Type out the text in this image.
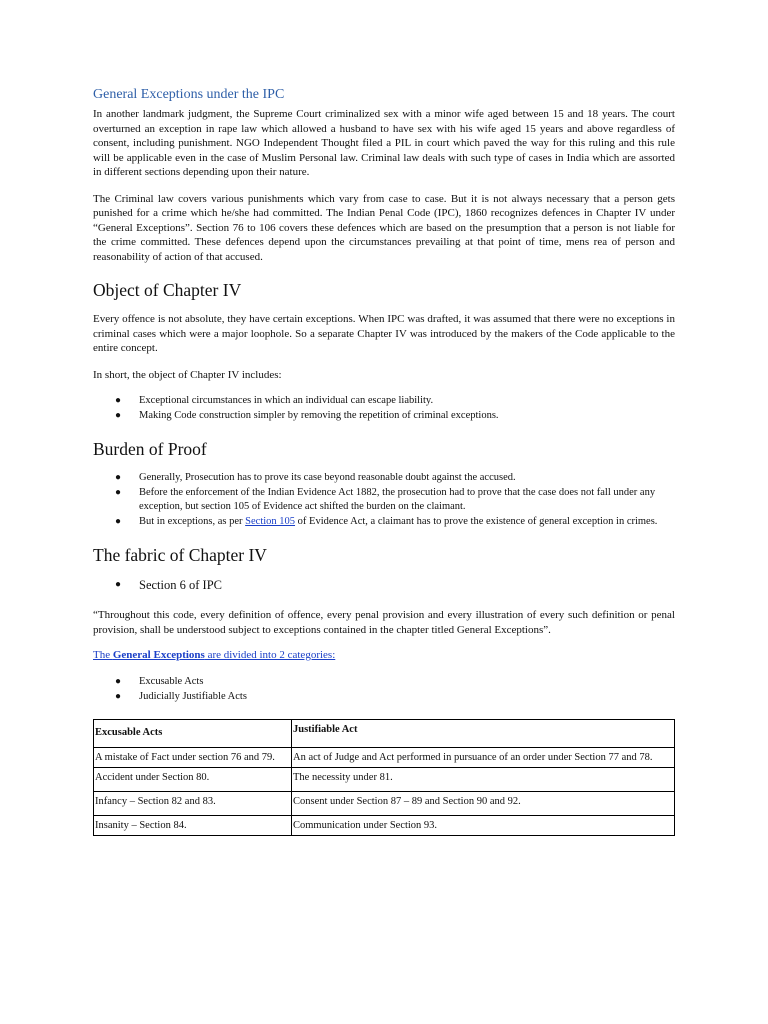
General Exceptions under the IPC

In another landmark judgment, the Supreme Court criminalized sex with a minor wife aged between 15 and 18 years. The court overturned an exception in rape law which allowed a husband to have sex with his wife aged 15 years and above regardless of consent, including punishment. NGO Independent Thought filed a PIL in court which paved the way for this ruling and this rule will be applicable even in the case of Muslim Personal law. Criminal law deals with such type of cases in India which are assorted in different sections depending upon their nature.

The Criminal law covers various punishments which vary from case to case. But it is not always necessary that a person gets punished for a crime which he/she had committed. The Indian Penal Code (IPC), 1860 recognizes defences in Chapter IV under “General Exceptions”. Section 76 to 106 covers these defences which are based on the presumption that a person is not liable for the crime committed. These defences depend upon the circumstances prevailing at that point of time, mens rea of person and reasonability of action of that accused.

Object of Chapter IV

Every offence is not absolute, they have certain exceptions. When IPC was drafted, it was assumed that there were no exceptions in criminal cases which were a major loophole. So a separate Chapter IV was introduced by the makers of the Code applicable to the entire concept.

In short, the object of Chapter IV includes:

● Exceptional circumstances in which an individual can escape liability.
● Making Code construction simpler by removing the repetition of criminal exceptions.
Burden of Proof
● Generally, Prosecution has to prove its case beyond reasonable doubt against the accused.
● Before the enforcement of the Indian Evidence Act 1882, the prosecution had to prove that the case does not fall under any exception, but section 105 of Evidence act shifted the burden on the claimant.
● But in exceptions, as per Section 105 of Evidence Act, a claimant has to prove the existence of general exception in crimes.
The fabric of Chapter IV
● Section 6 of IPC

“Throughout this code, every definition of offence, every penal provision and every illustration of every such definition or penal provision, shall be understood subject to exceptions contained in the chapter titled General Exceptions”.

The General Exceptions are divided into 2 categories:

● Excusable Acts
● Judicially Justifiable Acts
Excusable Acts	Justifiable Act
A mistake of Fact under section 76 and 79.	An act of Judge and Act performed in pursuance of an order under Section 77 and 78.
Accident under Section 80.	The necessity under 81.
Infancy – Section 82 and 83.	Consent under Section 87 – 89 and Section 90 and 92.
Insanity – Section 84.	Communication under Section 93.
